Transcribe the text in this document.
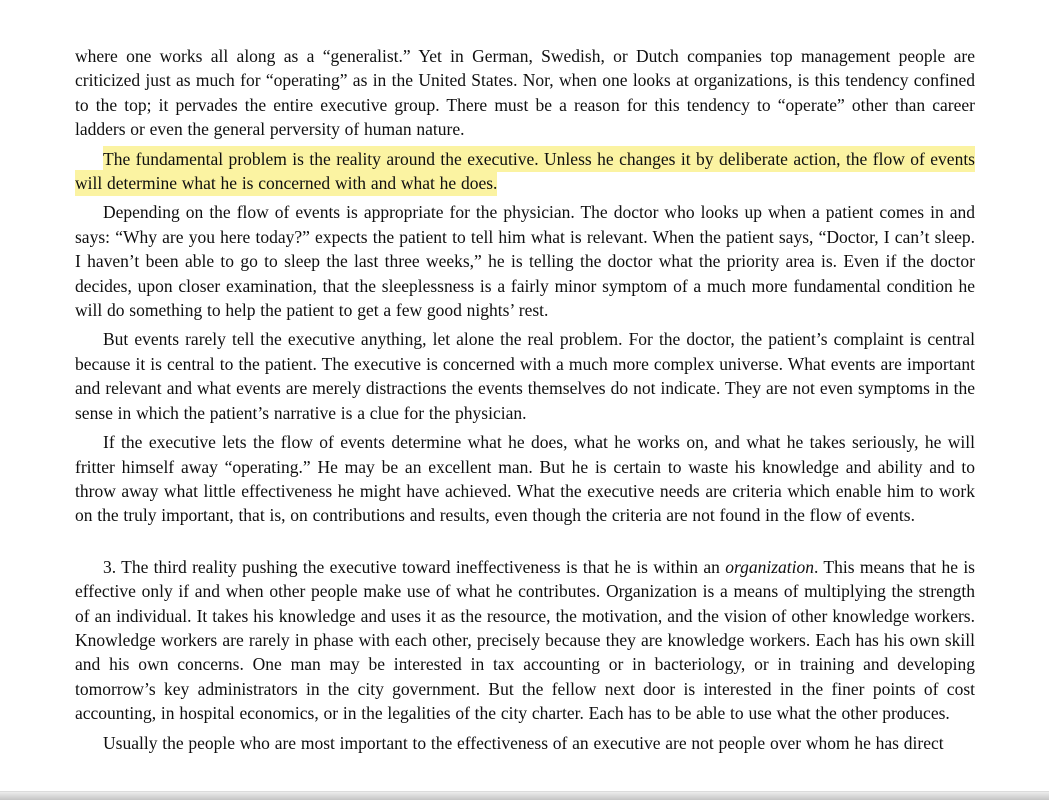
where one works all along as a “generalist.” Yet in German, Swedish, or Dutch companies top management people are criticized just as much for “operating” as in the United States. Nor, when one looks at organizations, is this tendency confined to the top; it pervades the entire executive group. There must be a reason for this tendency to “operate” other than career ladders or even the general perversity of human nature.

The fundamental problem is the reality around the executive. Unless he changes it by deliberate action, the flow of events will determine what he is concerned with and what he does.

Depending on the flow of events is appropriate for the physician. The doctor who looks up when a patient comes in and says: “Why are you here today?” expects the patient to tell him what is relevant. When the patient says, “Doctor, I can’t sleep. I haven’t been able to go to sleep the last three weeks,” he is telling the doctor what the priority area is. Even if the doctor decides, upon closer examination, that the sleeplessness is a fairly minor symptom of a much more fundamental condition he will do something to help the patient to get a few good nights’ rest.

But events rarely tell the executive anything, let alone the real problem. For the doctor, the patient’s complaint is central because it is central to the patient. The executive is concerned with a much more complex universe. What events are important and relevant and what events are merely distractions the events themselves do not indicate. They are not even symptoms in the sense in which the patient’s narrative is a clue for the physician.

If the executive lets the flow of events determine what he does, what he works on, and what he takes seriously, he will fritter himself away “operating.” He may be an excellent man. But he is certain to waste his knowledge and ability and to throw away what little effectiveness he might have achieved. What the executive needs are criteria which enable him to work on the truly important, that is, on contributions and results, even though the criteria are not found in the flow of events.

3. The third reality pushing the executive toward ineffectiveness is that he is within an organization. This means that he is effective only if and when other people make use of what he contributes. Organization is a means of multiplying the strength of an individual. It takes his knowledge and uses it as the resource, the motivation, and the vision of other knowledge workers. Knowledge workers are rarely in phase with each other, precisely because they are knowledge workers. Each has his own skill and his own concerns. One man may be interested in tax accounting or in bacteriology, or in training and developing tomorrow’s key administrators in the city government. But the fellow next door is interested in the finer points of cost accounting, in hospital economics, or in the legalities of the city charter. Each has to be able to use what the other produces.

Usually the people who are most important to the effectiveness of an executive are not people over whom he has direct
